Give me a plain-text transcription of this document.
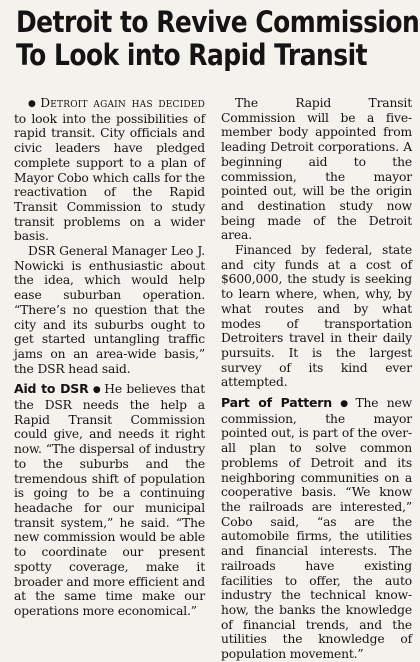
Detroit to Revive Commission
To Look into Rapid Transit

● Detroit again has decided to look into the possibilities of rapid transit. City officials and civic leaders have pledged complete support to a plan of Mayor Cobo which calls for the reactivation of the Rapid Transit Commission to study transit problems on a wider basis.

DSR General Manager Leo J. Nowicki is enthusiastic about the idea, which would help ease suburban operation. “There’s no question that the city and its suburbs ought to get started untangling traffic jams on an area-wide basis,” the DSR head said.

Aid to DSR ● He believes that the DSR needs the help a Rapid Transit Commission could give, and needs it right now. “The dispersal of industry to the suburbs and the tremendous shift of population is going to be a continuing headache for our municipal transit system,” he said. “The new commission would be able to coordinate our present spotty coverage, make it broader and more efficient and at the same time make our operations more economical.”

The Rapid Transit Commission will be a five-member body appointed from leading Detroit corporations. A beginning aid to the commission, the mayor pointed out, will be the origin and destination study now being made of the Detroit area.

Financed by federal, state and city funds at a cost of $600,000, the study is seeking to learn where, when, why, by what routes and by what modes of transportation Detroiters travel in their daily pursuits. It is the largest survey of its kind ever attempted.

Part of Pattern ● The new commission, the mayor pointed out, is part of the over-all plan to solve common problems of Detroit and its neighboring communities on a cooperative basis. “We know the railroads are interested,” Cobo said, “as are the automobile firms, the utilities and financial interests. The railroads have existing facilities to offer, the auto industry the technical know-how, the banks the knowledge of financial trends, and the utilities the knowledge of population movement.”
